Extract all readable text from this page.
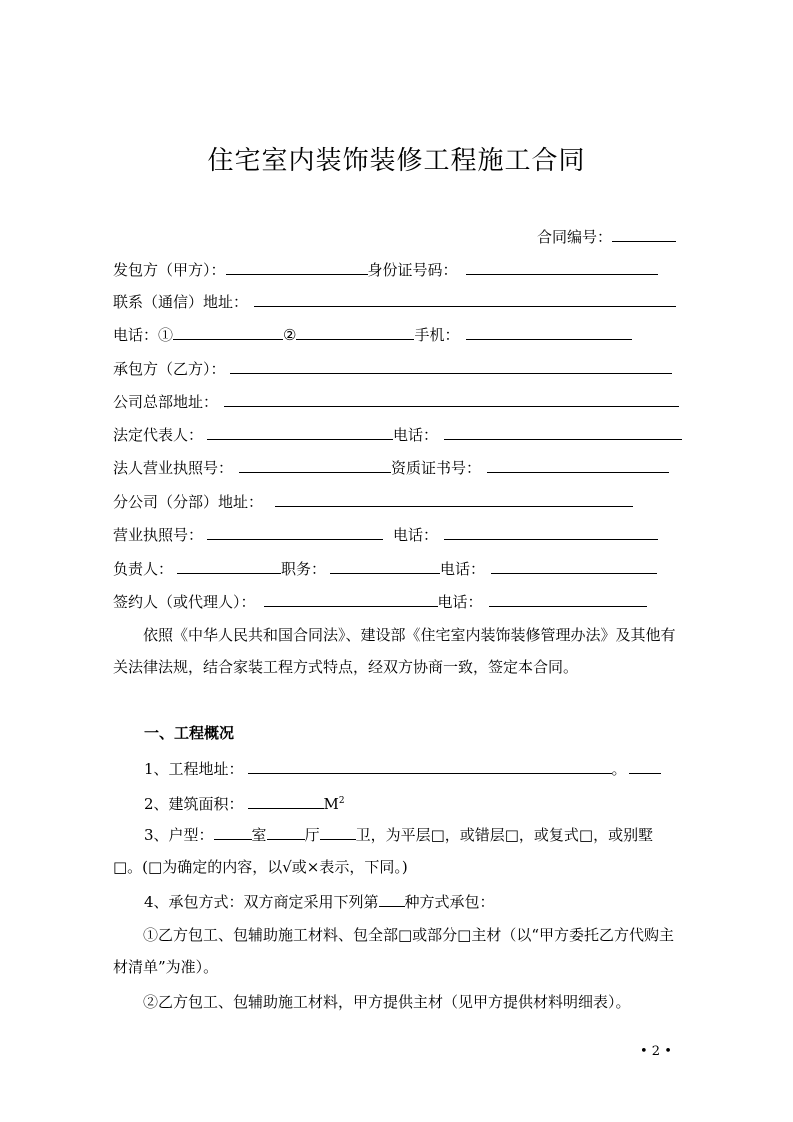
住宅室内装饰装修工程施工合同
合同编号：
发包方（甲方）：	身份证号码：
联系（通信）地址：
电话：①	②	手机：
承包方（乙方）：
公司总部地址：
法定代表人：	电话：
法人营业执照号：	资质证书号：
分公司（分部）地址：
营业执照号：	电话：
负责人：	职务：	电话：
签约人（或代理人）：	电话：
依照《中华人民共和国合同法》、建设部《住宅室内装饰装修管理办法》及其他有关法律法规，结合家装工程方式特点，经双方协商一致，签定本合同。
一、工程概况
1、工程地址：	。
2、建筑面积：	$M^2$
3、户型：	室	厅 卫，为平层□，或错层□，或复式□，或别墅□。(□为确定的内容，以√或×表示，下同。)
4、承包方式：双方商定采用下列第 种方式承包：
①乙方包工、包辅助施工材料、包全部□或部分□主材（以“甲方委托乙方代购主材清单”为准）。
②乙方包工、包辅助施工材料，甲方提供主材（见甲方提供材料明细表）。
• 2 •
